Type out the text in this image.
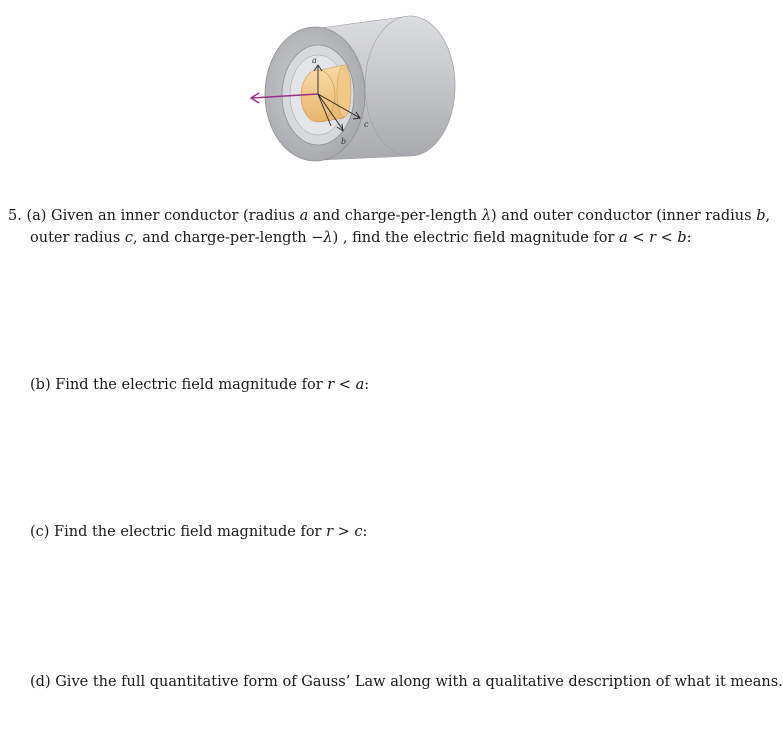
a
b
c
5. (a) Given an inner conductor (radius a and charge-per-length λ) and outer conductor (inner radius b,
outer radius c, and charge-per-length −λ) , find the electric field magnitude for a < r < b:
(b) Find the electric field magnitude for r < a:
(c) Find the electric field magnitude for r > c:
(d) Give the full quantitative form of Gauss’ Law along with a qualitative description of what it means.
